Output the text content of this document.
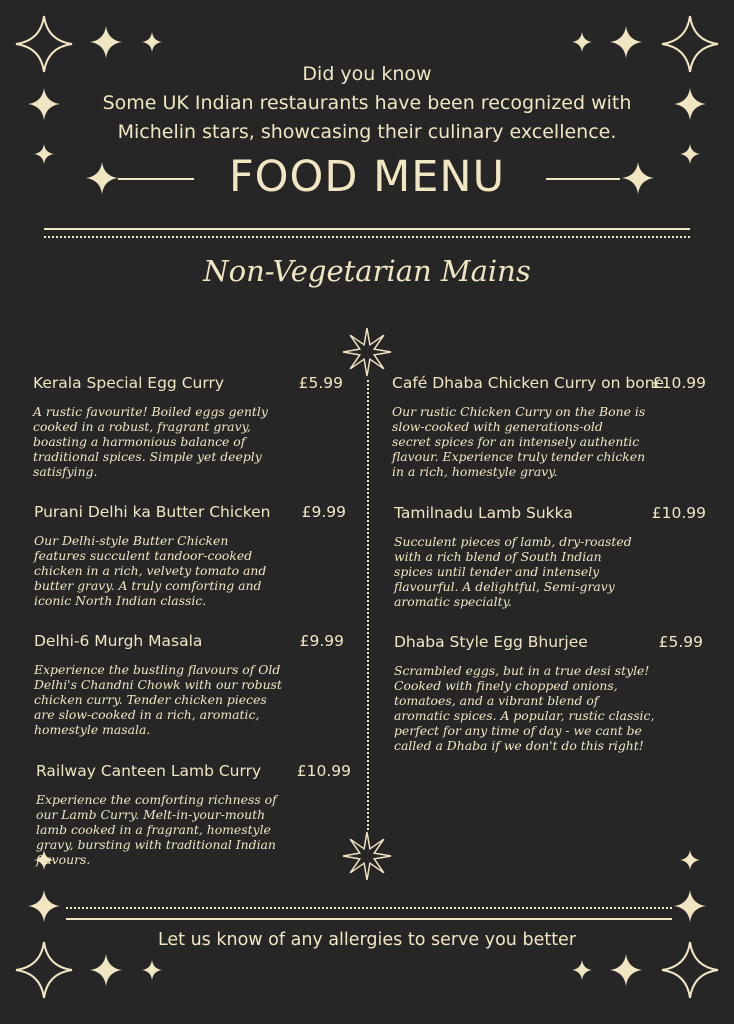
Did you know
Some UK Indian restaurants have been recognized with
Michelin stars, showcasing their culinary excellence.
FOOD MENU
Non-Vegetarian Mains
Kerala Special Egg Curry	£5.99
A rustic favourite! Boiled eggs gently
cooked in a robust, fragrant gravy,
boasting a harmonious balance of
traditional spices. Simple yet deeply
satisfying.
Purani Delhi ka Butter Chicken	£9.99
Our Delhi-style Butter Chicken
features succulent tandoor-cooked
chicken in a rich, velvety tomato and
butter gravy. A truly comforting and
iconic North Indian classic.
Delhi-6 Murgh Masala	£9.99
Experience the bustling flavours of Old
Delhi's Chandni Chowk with our robust
chicken curry. Tender chicken pieces
are slow-cooked in a rich, aromatic,
homestyle masala.
Railway Canteen Lamb Curry	£10.99
Experience the comforting richness of
our Lamb Curry. Melt-in-your-mouth
lamb cooked in a fragrant, homestyle
gravy, bursting with traditional Indian
flavours.
Café Dhaba Chicken Curry on bone
£10.99
Our rustic Chicken Curry on the Bone is
slow-cooked with generations-old
secret spices for an intensely authentic
flavour. Experience truly tender chicken
in a rich, homestyle gravy.
Tamilnadu Lamb Sukka	£10.99
Succulent pieces of lamb, dry-roasted
with a rich blend of South Indian
spices until tender and intensely
flavourful. A delightful, Semi-gravy
aromatic specialty.
Dhaba Style Egg Bhurjee	£5.99
Scrambled eggs, but in a true desi style!
Cooked with finely chopped onions,
tomatoes, and a vibrant blend of
aromatic spices. A popular, rustic classic,
perfect for any time of day - we cant be
called a Dhaba if we don't do this right!
Let us know of any allergies to serve you better
